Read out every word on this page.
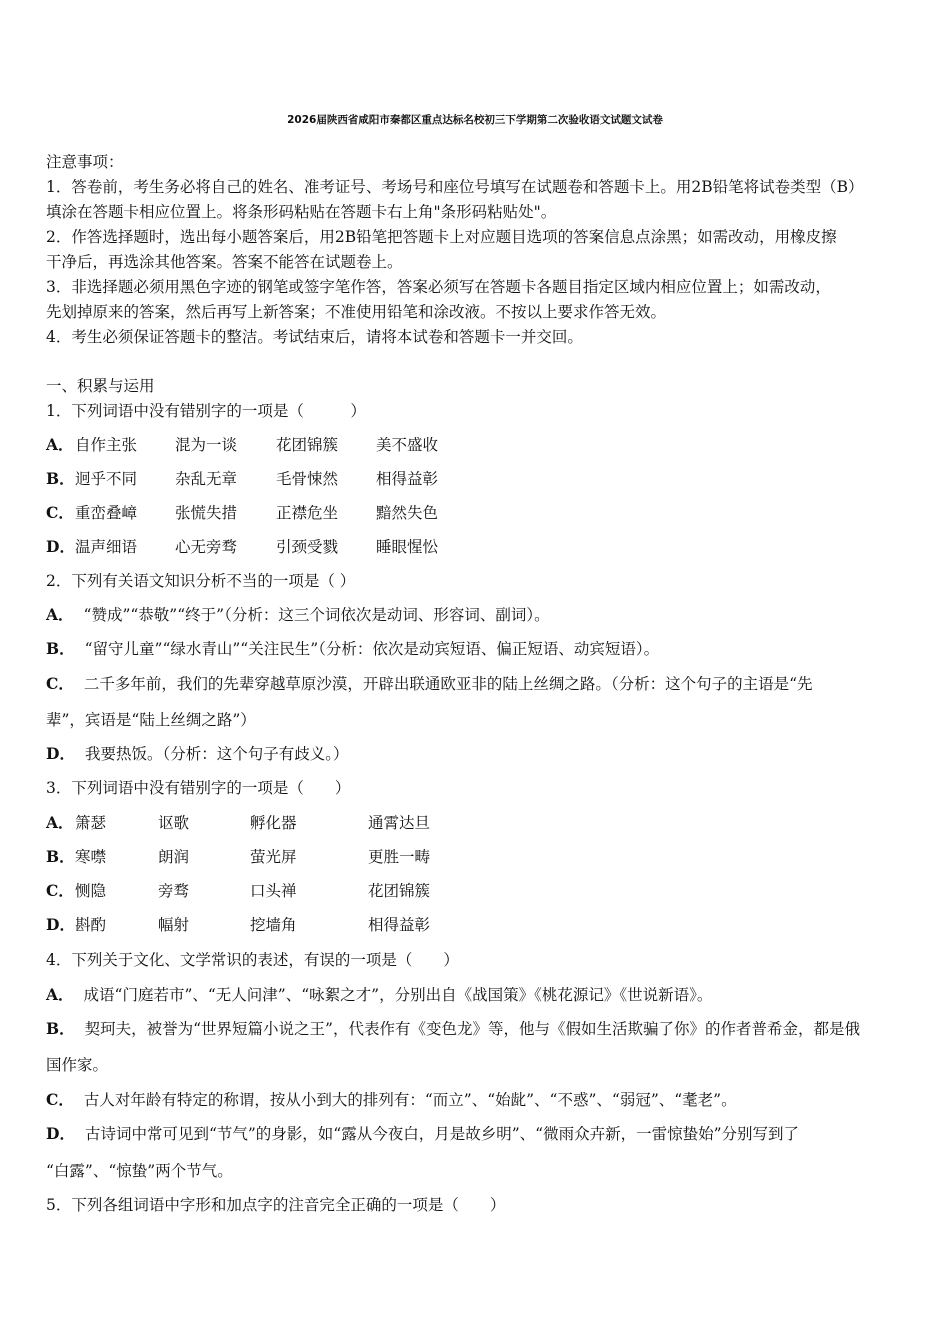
2026届陕西省咸阳市秦都区重点达标名校初三下学期第二次验收语文试题文试卷
注意事项：
1．答卷前，考生务必将自己的姓名、准考证号、考场号和座位号填写在试题卷和答题卡上。用2B铅笔将试卷类型（B）
填涂在答题卡相应位置上。将条形码粘贴在答题卡右上角"条形码粘贴处"。
2．作答选择题时，选出每小题答案后，用2B铅笔把答题卡上对应题目选项的答案信息点涂黑；如需改动，用橡皮擦
干净后，再选涂其他答案。答案不能答在试题卷上。
3．非选择题必须用黑色字迹的钢笔或签字笔作答，答案必须写在答题卡各题目指定区域内相应位置上；如需改动，
先划掉原来的答案，然后再写上新答案；不准使用铅笔和涂改液。不按以上要求作答无效。
4．考生必须保证答题卡的整洁。考试结束后，请将本试卷和答题卡一并交回。
一、积累与运用
1．下列词语中没有错别字的一项是（　　　）
A． 自作主张 混为一谈	花团锦簇 美不盛收
B． 迥乎不同 杂乱无章	毛骨悚然 相得益彰
C． 重峦叠嶂 张慌失措	正襟危坐 黯然失色
D． 温声细语 心无旁骛	引颈受戮 睡眼惺忪
2．下列有关语文知识分析不当的一项是（ ）
A． “赞成”“恭敬”“终于”（分析：这三个词依次是动词、形容词、副词）。
B． “留守儿童”“绿水青山”“关注民生”（分析：依次是动宾短语、偏正短语、动宾短语）。
C． 二千多年前，我们的先辈穿越草原沙漠，开辟出联通欧亚非的陆上丝绸之路。（分析：这个句子的主语是“先
辈”，宾语是“陆上丝绸之路”）
D． 我要热饭。（分析：这个句子有歧义。）
3．下列词语中没有错别字的一项是（　　）
A． 箫瑟	讴歌	孵化器	通霄达旦
B． 寒噤	朗润	萤光屏	更胜一畴
C． 恻隐	旁骛	口头禅	花团锦簇
D． 斟酌	幅射	挖墙角	相得益彰
4．下列关于文化、文学常识的表述，有误的一项是（　　）
A． 成语“门庭若市”、“无人问津”、“咏絮之才”，分别出自《战国策》《桃花源记》《世说新语》。
B． 契珂夫，被誉为“世界短篇小说之王”，代表作有《变色龙》等，他与《假如生活欺骗了你》的作者普希金，都是俄
国作家。
C． 古人对年龄有特定的称谓，按从小到大的排列有：“而立”、“始龀”、“不惑”、“弱冠”、“耄老”。
D． 古诗词中常可见到“节气”的身影，如“露从今夜白，月是故乡明”、“微雨众卉新，一雷惊蛰始”分别写到了
“白露”、“惊蛰”两个节气。
5．下列各组词语中字形和加点字的注音完全正确的一项是（　　）
